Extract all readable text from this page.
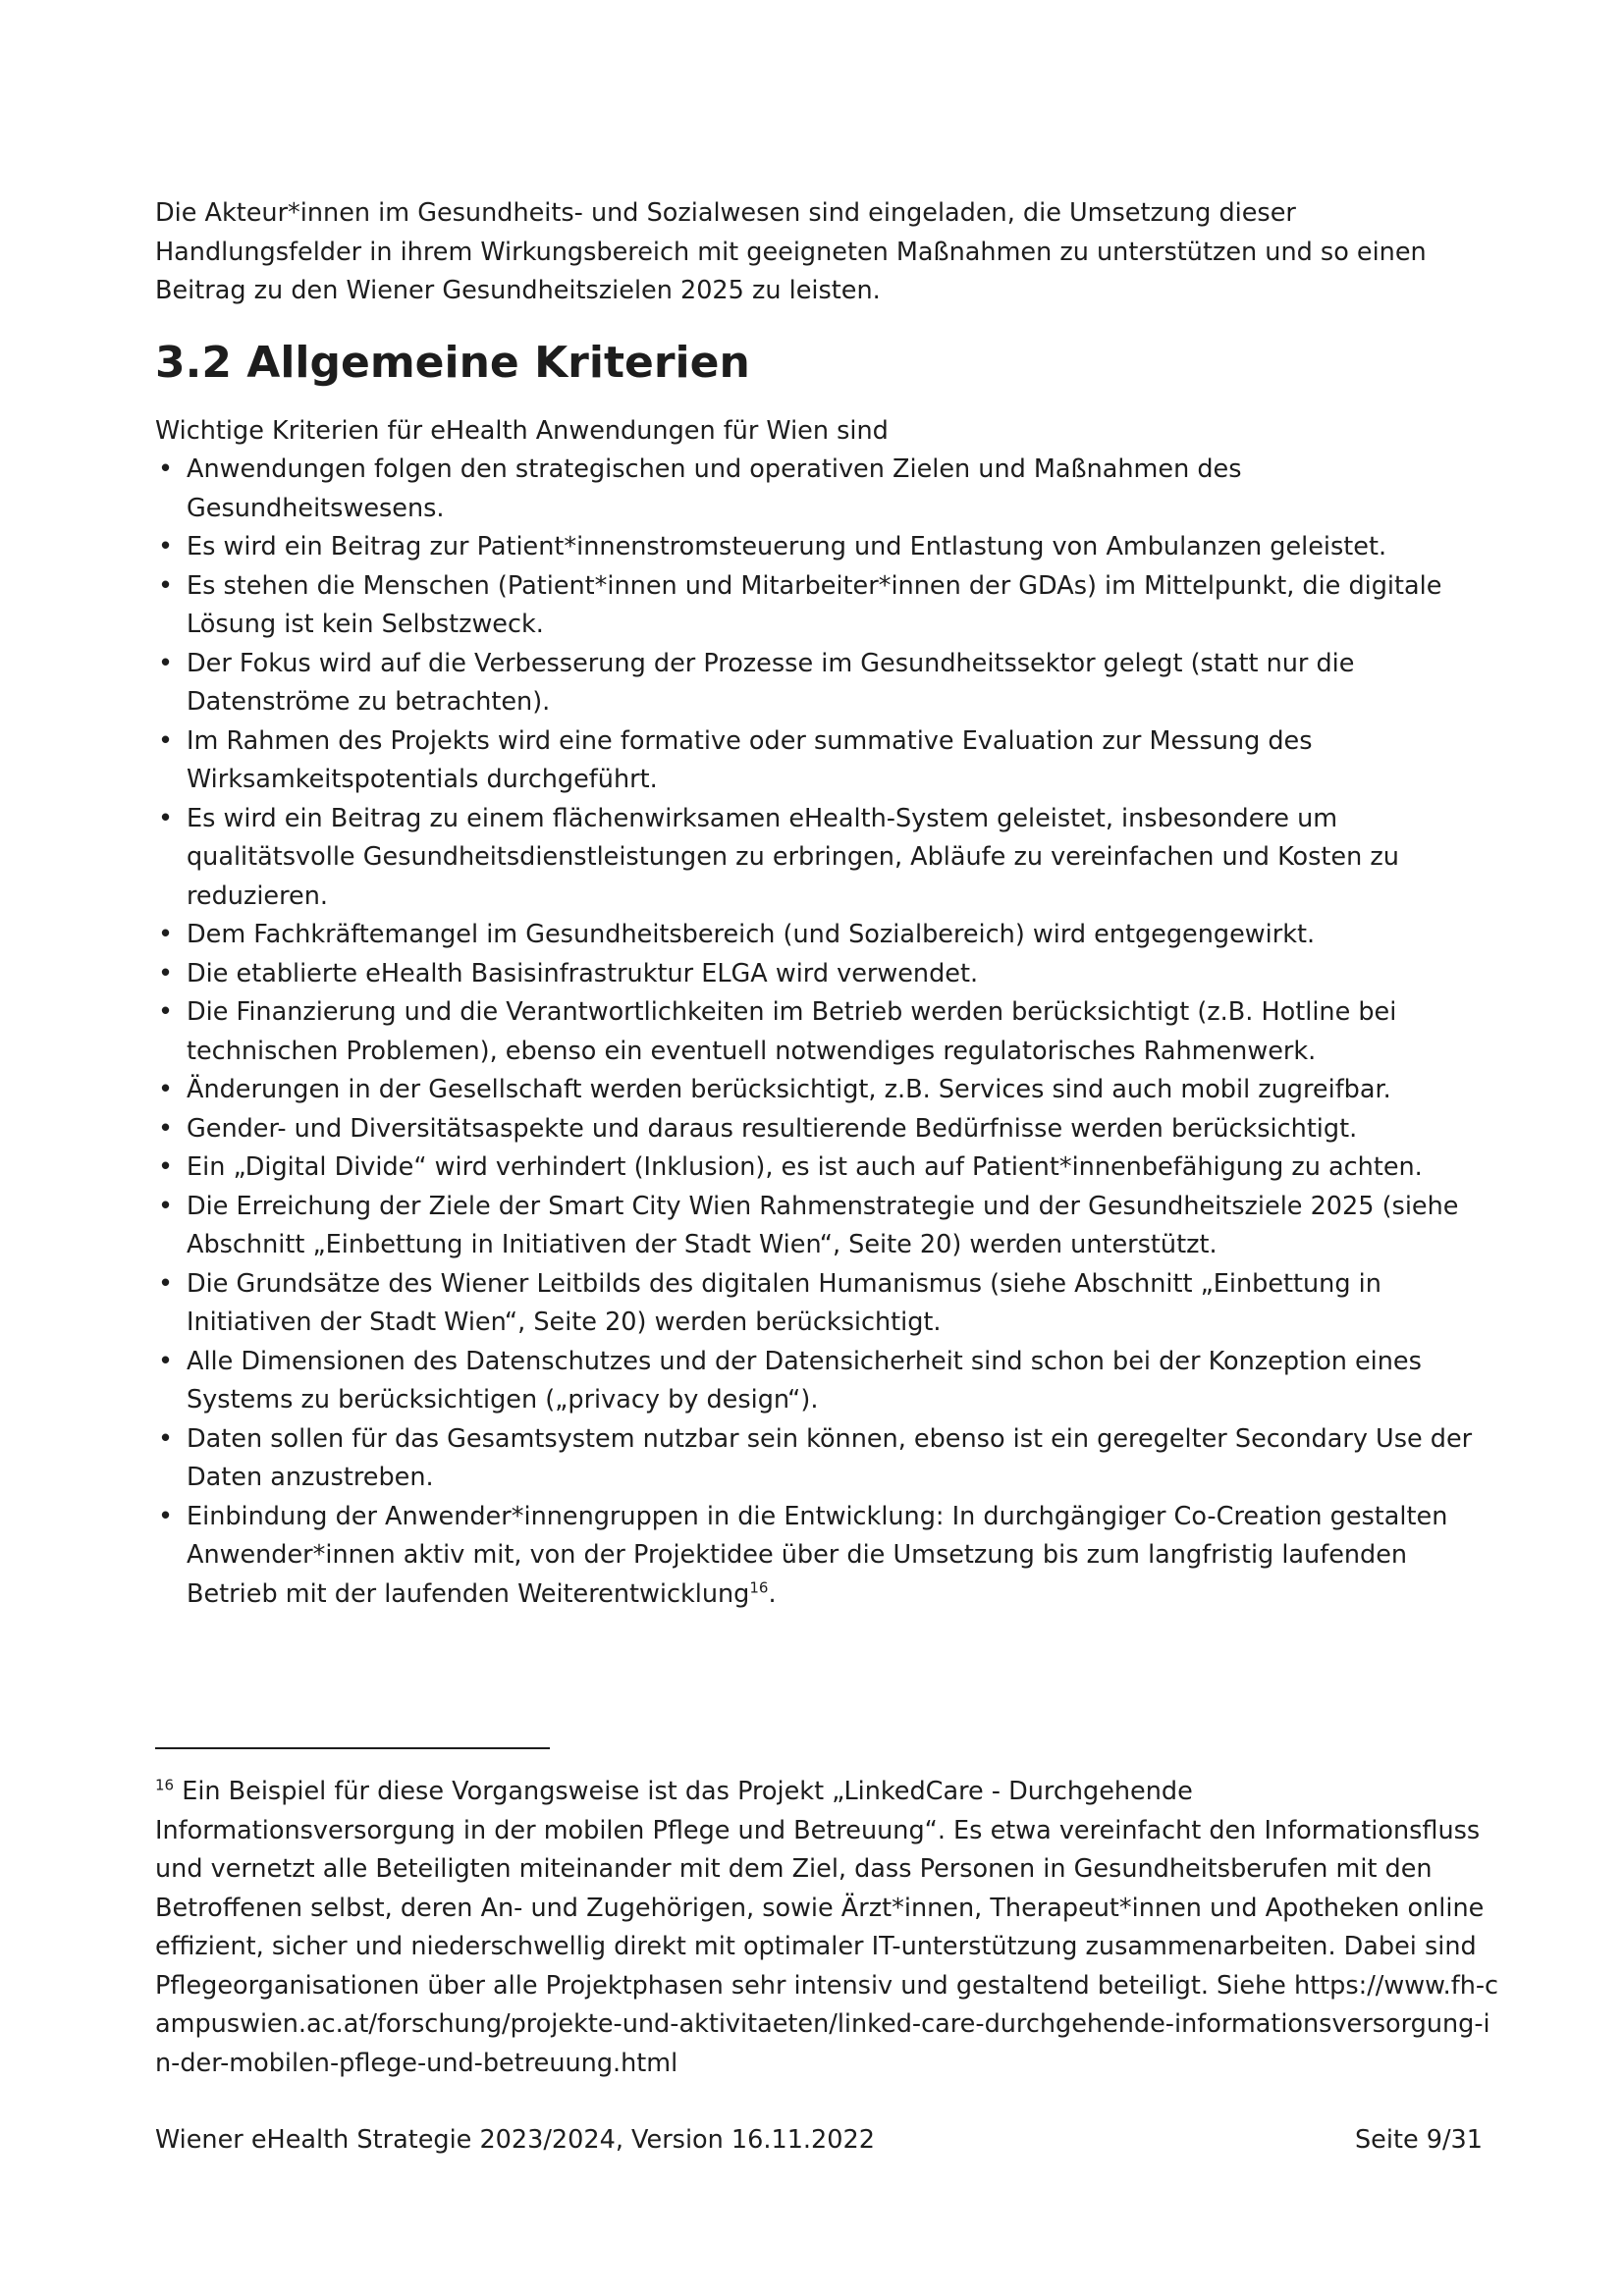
Die Akteur*innen im Gesundheits- und Sozialwesen sind eingeladen, die Umsetzung dieser Handlungsfelder in ihrem Wirkungsbereich mit geeigneten Maßnahmen zu unterstützen und so einen Beitrag zu den Wiener Gesundheitszielen 2025 zu leisten.

3.2 Allgemeine Kriterien

Wichtige Kriterien für eHealth Anwendungen für Wien sind

• Anwendungen folgen den strategischen und operativen Zielen und Maßnahmen des Gesundheitswesens.
• Es wird ein Beitrag zur Patient*innenstromsteuerung und Entlastung von Ambulanzen geleistet.
• Es stehen die Menschen (Patient*innen und Mitarbeiter*innen der GDAs) im Mittelpunkt, die digitale Lösung ist kein Selbstzweck.
• Der Fokus wird auf die Verbesserung der Prozesse im Gesundheitssektor gelegt (statt nur die Datenströme zu betrachten).
• Im Rahmen des Projekts wird eine formative oder summative Evaluation zur Messung des Wirksamkeitspotentials durchgeführt.
• Es wird ein Beitrag zu einem flächenwirksamen eHealth-System geleistet, insbesondere um qualitätsvolle Gesundheitsdienstleistungen zu erbringen, Abläufe zu vereinfachen und Kosten zu reduzieren.
• Dem Fachkräftemangel im Gesundheitsbereich (und Sozialbereich) wird entgegengewirkt.
• Die etablierte eHealth Basisinfrastruktur ELGA wird verwendet.
• Die Finanzierung und die Verantwortlichkeiten im Betrieb werden berücksichtigt (z.B. Hotline bei technischen Problemen), ebenso ein eventuell notwendiges regulatorisches Rahmenwerk.
• Änderungen in der Gesellschaft werden berücksichtigt, z.B. Services sind auch mobil zugreifbar.
• Gender- und Diversitätsaspekte und daraus resultierende Bedürfnisse werden berücksichtigt.
• Ein „Digital Divide“ wird verhindert (Inklusion), es ist auch auf Patient*innenbefähigung zu achten.
• Die Erreichung der Ziele der Smart City Wien Rahmenstrategie und der Gesundheitsziele 2025 (siehe Abschnitt „Einbettung in Initiativen der Stadt Wien“, Seite 20) werden unterstützt.
• Die Grundsätze des Wiener Leitbilds des digitalen Humanismus (siehe Abschnitt „Einbettung in Initiativen der Stadt Wien“, Seite 20) werden berücksichtigt.
• Alle Dimensionen des Datenschutzes und der Datensicherheit sind schon bei der Konzeption eines Systems zu berücksichtigen („privacy by design“).
• Daten sollen für das Gesamtsystem nutzbar sein können, ebenso ist ein geregelter Secondary Use der Daten anzustreben.
• Einbindung der Anwender*innengruppen in die Entwicklung: In durchgängiger Co-Creation gestalten Anwender*innen aktiv mit, von der Projektidee über die Umsetzung bis zum langfristig laufenden Betrieb mit der laufenden Weiterentwicklung$^{16}$.

$^{16}$ Ein Beispiel für diese Vorgangsweise ist das Projekt „LinkedCare - Durchgehende Informationsversorgung in der mobilen Pflege und Betreuung“. Es etwa vereinfacht den Informationsfluss und vernetzt alle Beteiligten miteinander mit dem Ziel, dass Personen in Gesundheitsberufen mit den Betroffenen selbst, deren An- und Zugehörigen, sowie Ärzt*innen, Therapeut*innen und Apotheken online effizient, sicher und niederschwellig direkt mit optimaler IT-unterstützung zusammenarbeiten. Dabei sind Pflegeorganisationen über alle Projektphasen sehr intensiv und gestaltend beteiligt. Siehe https://www.fh-campuswien.ac.at/forschung/projekte-und-aktivitaeten/linked-care-durchgehende-informationsversorgung-in-der-mobilen-pflege-und-betreuung.html

Wiener eHealth Strategie 2023/2024, Version 16.11.2022	Seite 9/31
